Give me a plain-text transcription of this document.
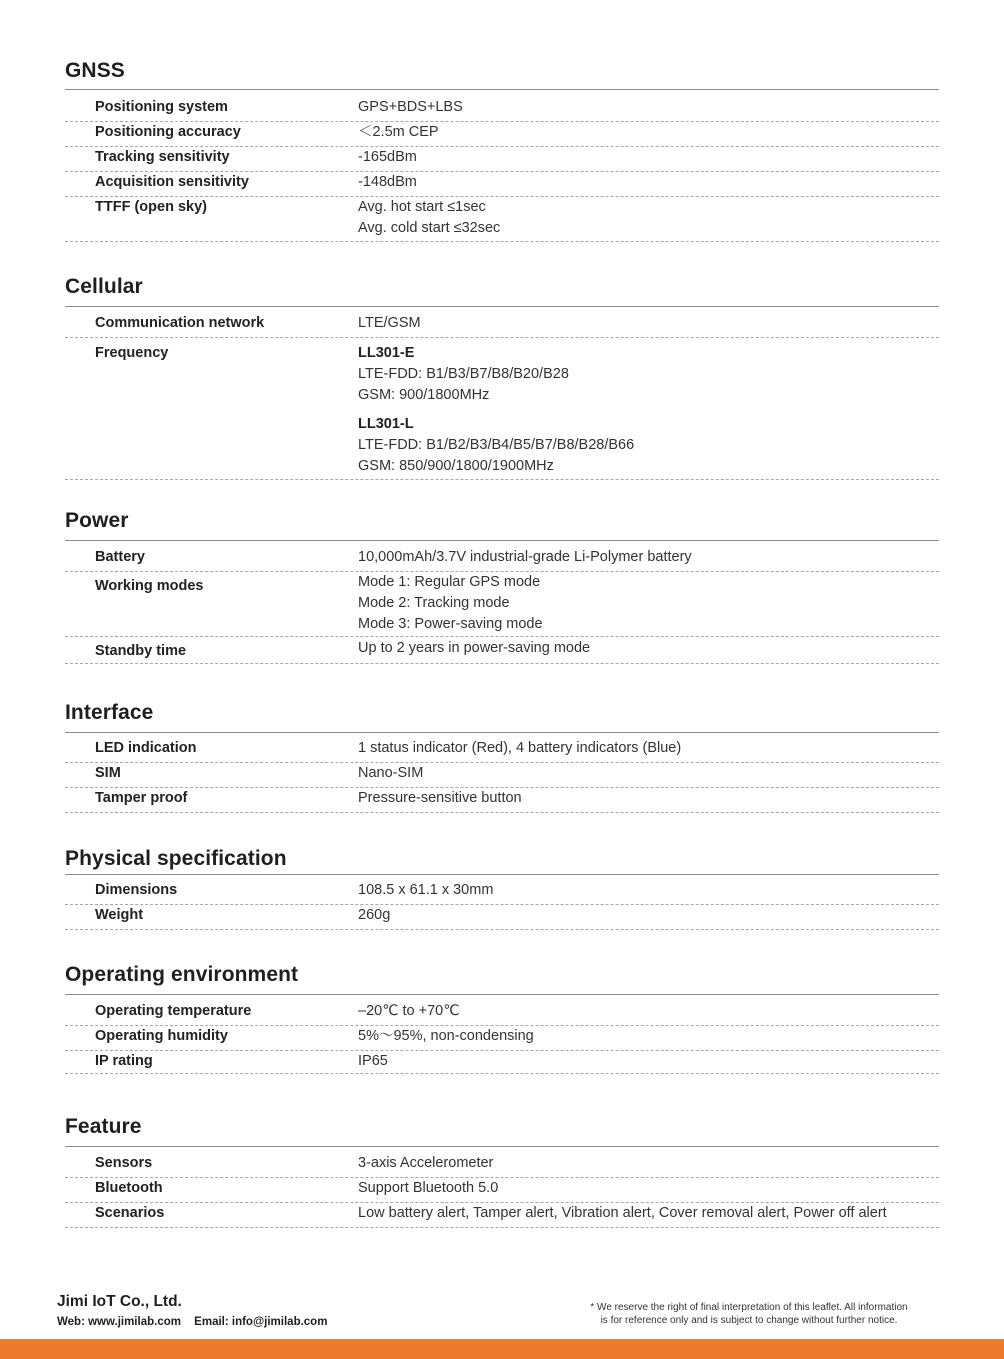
GNSS
Positioning system	GPS+BDS+LBS
Positioning accuracy	＜2.5m CEP
Tracking sensitivity	-165dBm
Acquisition sensitivity	-148dBm
TTFF (open sky)	Avg. hot start ≤1sec
Avg. cold start ≤32sec
Cellular
Communication network	LTE/GSM
Frequency	LL301-E
LTE-FDD: B1/B3/B7/B8/B20/B28
GSM: 900/1800MHz
LL301-L
LTE-FDD: B1/B2/B3/B4/B5/B7/B8/B28/B66
GSM: 850/900/1800/1900MHz
Power
Battery	10,000mAh/3.7V industrial-grade Li-Polymer battery
Working modes	Mode 1: Regular GPS mode
Mode 2: Tracking mode
Mode 3: Power-saving mode
Standby time	Up to 2 years in power-saving mode
Interface
LED indication	1 status indicator (Red), 4 battery indicators (Blue)
SIM	Nano-SIM
Tamper proof	Pressure-sensitive button
Physical specification
Dimensions	108.5 x 61.1 x 30mm
Weight	260g
Operating environment
Operating temperature	–20℃ to +70℃
Operating humidity	5%～95%, non-condensing
IP rating	IP65
Feature
Sensors	3-axis Accelerometer
Bluetooth	Support Bluetooth 5.0
Scenarios	Low battery alert, Tamper alert, Vibration alert, Cover removal alert, Power off alert
Jimi IoT Co., Ltd.
Web: www.jimilab.com Email: info@jimilab.com
* We reserve the right of final interpretation of this leaflet. All information
is for reference only and is subject to change without further notice.
